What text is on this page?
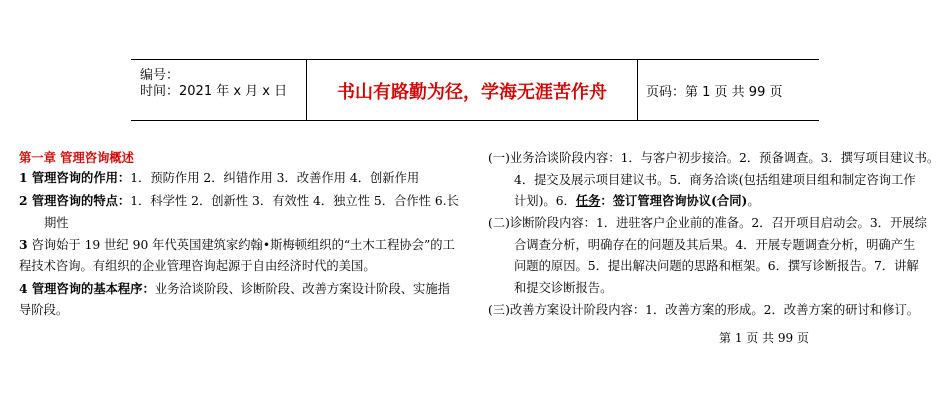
编号：
时间：2021 年 x 月 x 日	书山有路勤为径，学海无涯苦作舟	页码：第 1 页 共 99 页
第一章 管理咨询概述
1 管理咨询的作用：1．预防作用 2．纠错作用 3．改善作用 4．创新作用
2 管理咨询的特点：1．科学性 2．创新性 3．有效性 4．独立性 5．合作性 6.长
期性
3 咨询始于 19 世纪 90 年代英国建筑家约翰•斯梅顿组织的“土木工程协会”的工
程技术咨询。有组织的企业管理咨询起源于自由经济时代的美国。
4 管理咨询的基本程序：业务洽谈阶段、诊断阶段、改善方案设计阶段、实施指
导阶段。
(一)业务洽谈阶段内容：1．与客户初步接洽。2．预备调查。3．撰写项目建议书。
4．提交及展示项目建议书。5．商务洽谈(包括组建项目组和制定咨询工作
计划)。6．任务：签订管理咨询协议(合同)。
(二)诊断阶段内容：1．进驻客户企业前的准备。2．召开项目启动会。3．开展综
合调查分析，明确存在的问题及其后果。4．开展专题调查分析，明确产生
问题的原因。5．提出解决问题的思路和框架。6．撰写诊断报告。7．讲解
和提交诊断报告。
(三)改善方案设计阶段内容：1．改善方案的形成。2．改善方案的研讨和修订。
第 1 页 共 99 页
